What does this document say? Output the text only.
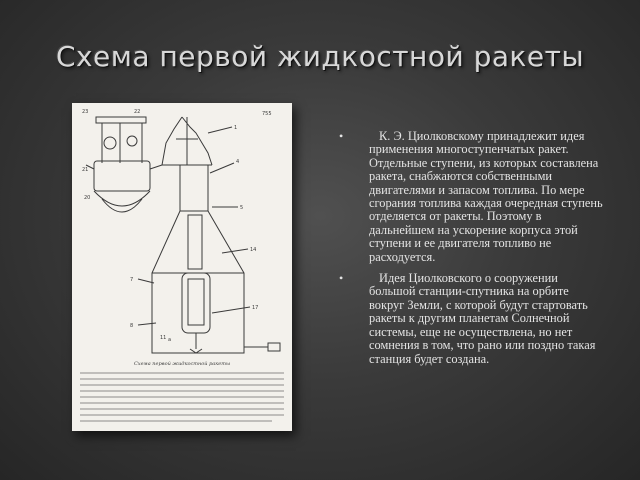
Схема первой жидкостной ракеты
23	22	755
1
4
5
14
17
7
8
11
21
20
a
Схема первой жидкостной ракеты
•	К. Э. Циолковскому принадлежит идея применения многоступенчатых ракет. Отдельные ступени, из которых составлена ракета, снабжаются собственными двигателями и запасом топлива. По мере сгорания топлива каждая очередная ступень отделяется от ракеты. Поэтому в дальнейшем на ускорение корпуса этой ступени и ее двигателя топливо не расходуется.
•	Идея Циолковского о сооружении большой станции-спутника на орбите вокруг Земли, с которой будут стартовать ракеты к другим планетам Солнечной системы, еще не осуществлена, но нет сомнения в том, что рано или поздно такая станция будет создана.
